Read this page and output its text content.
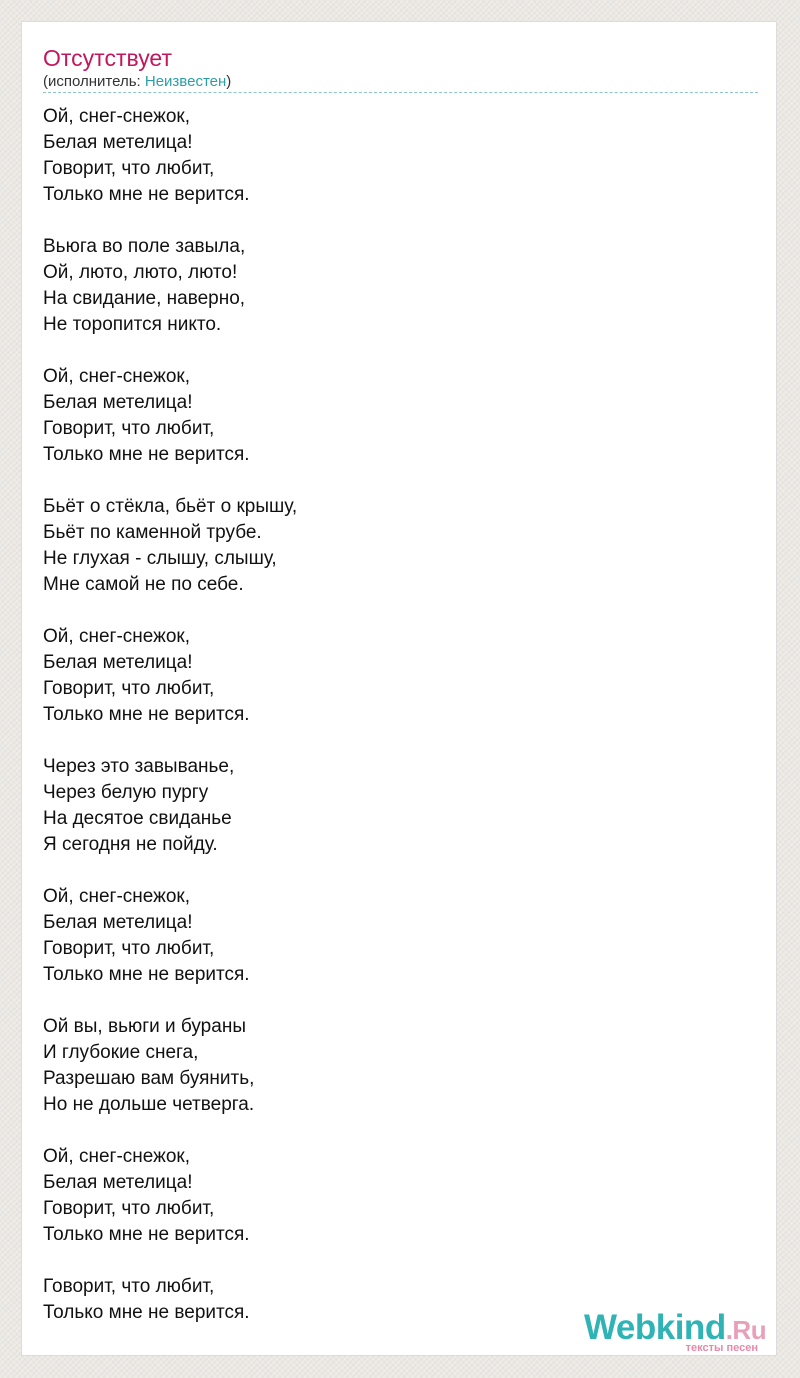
Отсутствует
(исполнитель: Неизвестен)
Ой, снег-снежок,
Белая метелица!
Говорит, что любит,
Только мне не верится.
Вьюга во поле завыла,
Ой, люто, люто, люто!
На свидание, наверно,
Не торопится никто.
Ой, снег-снежок,
Белая метелица!
Говорит, что любит,
Только мне не верится.
Бьёт о стёкла, бьёт о крышу,
Бьёт по каменной трубе.
Не глухая - слышу, слышу,
Мне самой не по себе.
Ой, снег-снежок,
Белая метелица!
Говорит, что любит,
Только мне не верится.
Через это завыванье,
Через белую пургу
На десятое свиданье
Я сегодня не пойду.
Ой, снег-снежок,
Белая метелица!
Говорит, что любит,
Только мне не верится.
Ой вы, вьюги и бураны
И глубокие снега,
Разрешаю вам буянить,
Но не дольше четверга.
Ой, снег-снежок,
Белая метелица!
Говорит, что любит,
Только мне не верится.
Говорит, что любит,
Только мне не верится.	Webkind.Ru
тексты песен
